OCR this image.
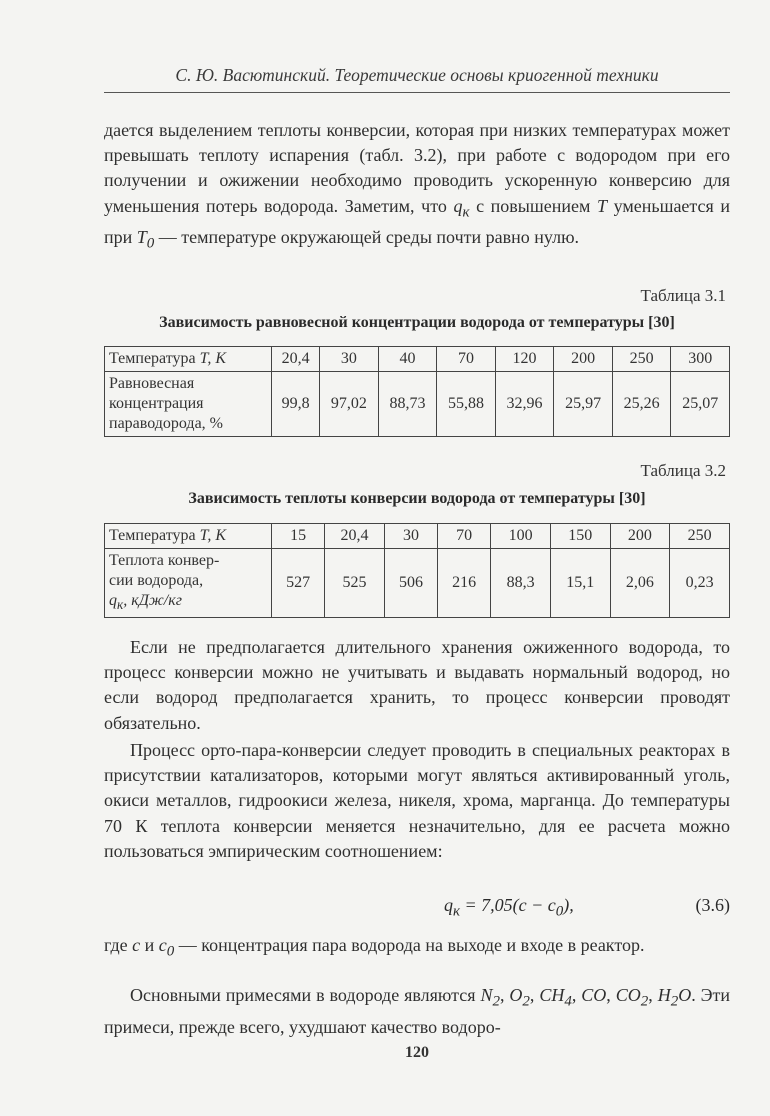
С. Ю. Васютинский. Теоретические основы криогенной техники

дается выделением теплоты конверсии, которая при низких температурах может превышать теплоту испарения (табл. 3.2), при работе с водородом при его получении и ожижении необходимо проводить ускоренную конверсию для уменьшения потерь водорода. Заметим, что $q_к$ с повышением T уменьшается и при $T_0$ — температуре окружающей среды почти равно нулю.

Таблица 3.1
Зависимость равновесной концентрации водорода от температуры [30]
Температура T, K	20,4	30	40	70	120	200	250	300
Равновесная
концентрация
параводорода, %	99,8	97,02	88,73	55,88	32,96	25,97	25,26	25,07
Таблица 3.2
Зависимость теплоты конверсии водорода от температуры [30]
Температура T, K	15	20,4	30	70	100	150	200	250
Теплота конвер-
сии водорода,
$q_к$, кДж/кг	527	525	506	216	88,3	15,1	2,06	0,23

Если не предполагается длительного хранения ожиженного водорода, то процесс конверсии можно не учитывать и выдавать нормальный водород, но если водород предполагается хранить, то процесс конверсии проводят обязательно.

Процесс орто-пара-конверсии следует проводить в специальных реакторах в присутствии катализаторов, которыми могут являться активированный уголь, окиси металлов, гидроокиси железа, никеля, хрома, марганца. До температуры 70 К теплота конверсии меняется незначительно, для ее расчета можно пользоваться эмпирическим соотношением:

$q_к = 7,05(c - c_0)$,	(3.6)

где c и $c_0$ — концентрация пара водорода на выходе и входе в реактор.

Основными примесями в водороде являются $N_2$, $O_2$, $CH_4$, CO, $CO_2$, $H_2O$. Эти примеси, прежде всего, ухудшают качество водоро-

120
